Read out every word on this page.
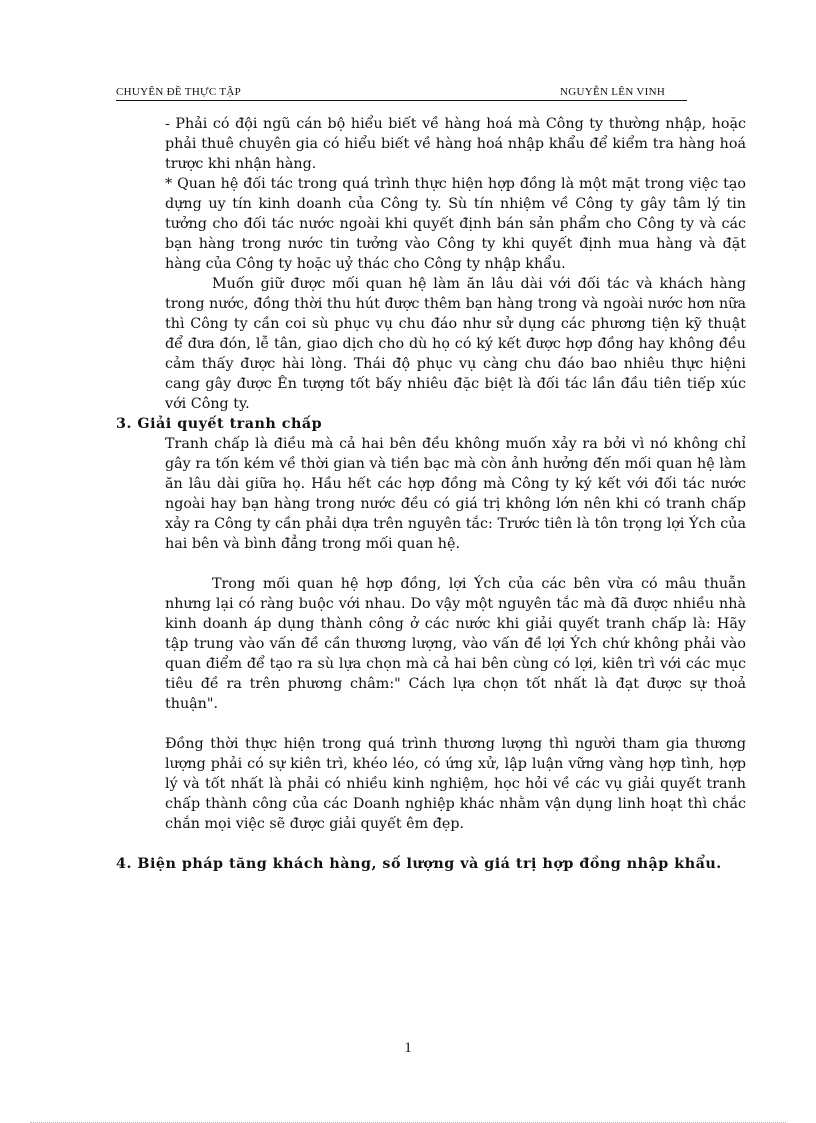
CHUYÊN ĐỀ THỰC TẬP	NGUYỄN LÊN VINH

- Phải có đội ngũ cán bộ hiểu biết về hàng hoá mà Công ty thường nhập, hoặc phải thuê chuyên gia có hiểu biết về hàng hoá nhập khẩu để kiểm tra hàng hoá trược khi nhận hàng.

* Quan hệ đối tác trong quá trình thực hiện hợp đồng là một mặt trong việc tạo dựng uy tín kinh doanh của Công ty. Sù tín nhiệm về Công ty gây tâm lý tin tưởng cho đối tác nước ngoài khi quyết định bán sản phẩm cho Công ty và các bạn hàng trong nước tin tưởng vào Công ty khi quyết định mua hàng và đặt hàng của Công ty hoặc uỷ thác cho Công ty nhập khẩu.

Muốn giữ được mối quan hệ làm ăn lâu dài với đối tác và khách hàng trong nước, đồng thời thu hút được thêm bạn hàng trong và ngoài nước hơn nữa thì Công ty cần coi sù phục vụ chu đáo như sử dụng các phương tiện kỹ thuật để đưa đón, lễ tân, giao dịch cho dù họ có ký kết được hợp đồng hay không đều cảm thấy được hài lòng. Thái độ phục vụ càng chu đáo bao nhiêu thực hiệni cang gây được Ên tượng tốt bấy nhiêu đặc biệt là đối tác lần đầu tiên tiếp xúc với Công ty.

3. Giải quyết tranh chấp

Tranh chấp là điều mà cả hai bên đều không muốn xảy ra bởi vì nó không chỉ gây ra tốn kém về thời gian và tiền bạc mà còn ảnh hưởng đến mối quan hệ làm ăn lâu dài giữa họ. Hầu hết các hợp đồng mà Công ty ký kết với đối tác nước ngoài hay bạn hàng trong nước đều có giá trị không lớn nên khi có tranh chấp xảy ra Công ty cần phải dựa trên nguyên tắc: Trước tiên là tôn trọng lợi Ých của hai bên và bình đẳng trong mối quan hệ.

Trong mối quan hệ hợp đồng, lợi Ých của các bên vừa có mâu thuẫn nhưng lại có ràng buộc với nhau. Do vậy một nguyên tắc mà đã được nhiều nhà kinh doanh áp dụng thành công ở các nước khi giải quyết tranh chấp là: Hãy tập trung vào vấn đề cần thương lượng, vào vấn đề lợi Ých chứ không phải vào quan điểm để tạo ra sù lựa chọn mà cả hai bên cùng có lợi, kiên trì với các mục tiêu đề ra trên phương châm:" Cách lựa chọn tốt nhất là đạt được sự thoả thuận".

Đồng thời thực hiện trong quá trình thương lượng thì người tham gia thương lượng phải có sự kiên trì, khéo léo, có ứng xử, lập luận vững vàng hợp tình, hợp lý và tốt nhất là phải có nhiều kinh nghiệm, học hỏi về các vụ giải quyết tranh chấp thành công của các Doanh nghiệp khác nhằm vận dụng linh hoạt thì chắc chắn mọi việc sẽ được giải quyết êm đẹp.

4. Biện pháp tăng khách hàng, số lượng và giá trị hợp đồng nhập khẩu.
1
